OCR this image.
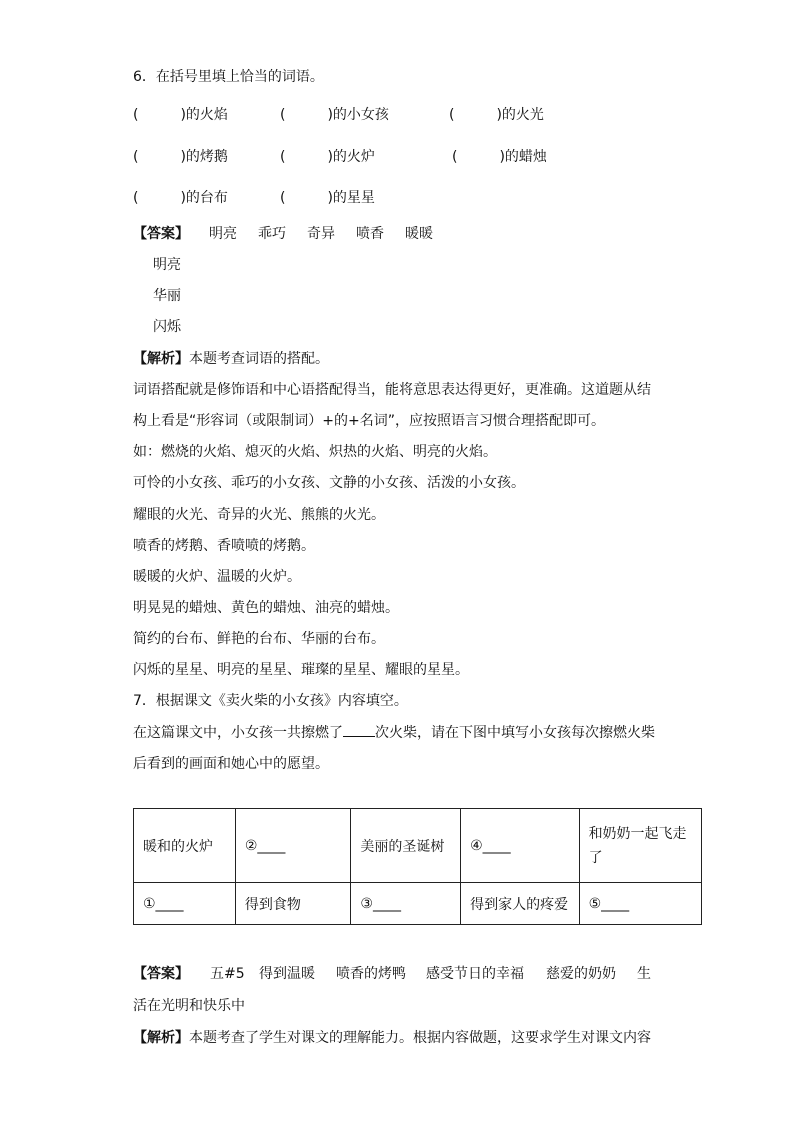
6．在括号里填上恰当的词语。
(　　　)的火焰	(　　　)的小女孩	(　　　)的火光
(　　　)的烤鹅	(　　　)的火炉	(　　　)的蜡烛
(　　　)的台布	(　　　)的星星
【答案】 明亮 乖巧 奇异 喷香 暖暖
明亮
华丽
闪烁
【解析】本题考查词语的搭配。
词语搭配就是修饰语和中心语搭配得当，能将意思表达得更好，更准确。这道题从结
构上看是“形容词（或限制词）+的+名词”，应按照语言习惯合理搭配即可。
如：燃烧的火焰、熄灭的火焰、炽热的火焰、明亮的火焰。
可怜的小女孩、乖巧的小女孩、文静的小女孩、活泼的小女孩。
耀眼的火光、奇异的火光、熊熊的火光。
喷香的烤鹅、香喷喷的烤鹅。
暖暖的火炉、温暖的火炉。
明晃晃的蜡烛、黄色的蜡烛、油亮的蜡烛。
简约的台布、鲜艳的台布、华丽的台布。
闪烁的星星、明亮的星星、璀璨的星星、耀眼的星星。
7．根据课文《卖火柴的小女孩》内容填空。
在这篇课文中，小女孩一共擦燃了 次火柴，请在下图中填写小女孩每次擦燃火柴
后看到的画面和她心中的愿望。
暖和的火炉	②____	美丽的圣诞树	④____	和奶奶一起飞走了
①____	得到食物	③____	得到家人的疼爱	⑤____
【答案】 五#5 得到温暖 喷香的烤鸭 感受节日的幸福 慈爱的奶奶 生
活在光明和快乐中
【解析】本题考查了学生对课文的理解能力。根据内容做题，这要求学生对课文内容
